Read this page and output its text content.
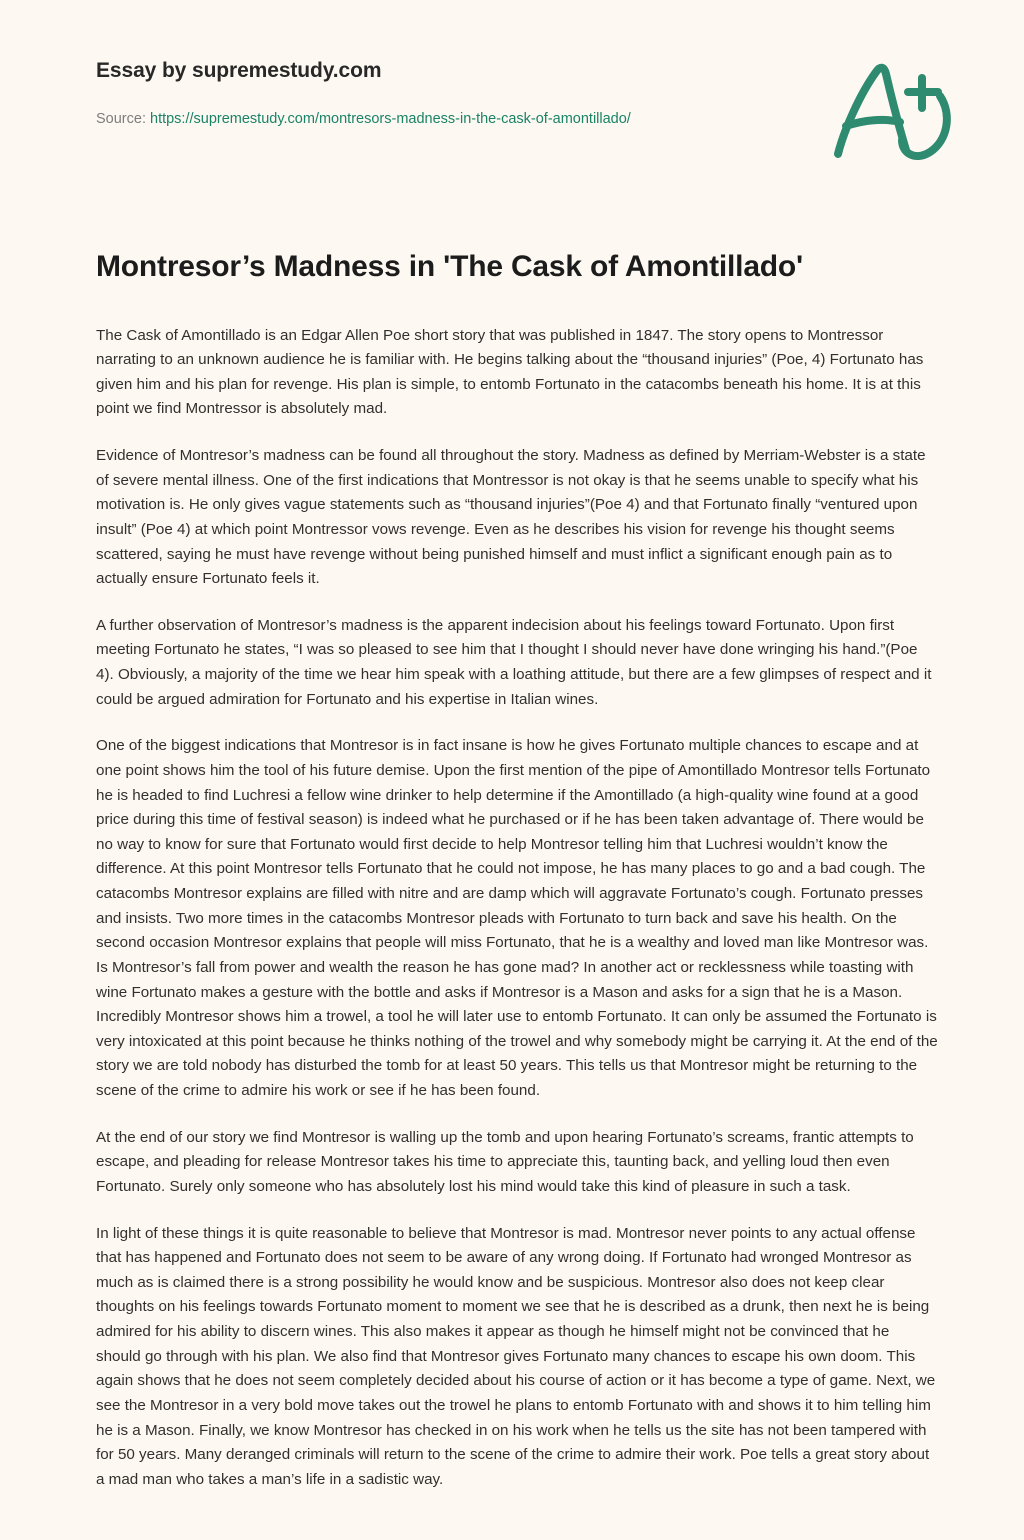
Essay by supremestudy.com
Source: https://supremestudy.com/montresors-madness-in-the-cask-of-amontillado/
Montresor’s Madness in 'The Cask of Amontillado'

The Cask of Amontillado is an Edgar Allen Poe short story that was published in 1847. The story opens to Montressor narrating to an unknown audience he is familiar with. He begins talking about the “thousand injuries” (Poe, 4) Fortunato has given him and his plan for revenge. His plan is simple, to entomb Fortunato in the catacombs beneath his home. It is at this point we find Montressor is absolutely mad.

Evidence of Montresor’s madness can be found all throughout the story. Madness as defined by Merriam-Webster is a state of severe mental illness. One of the first indications that Montressor is not okay is that he seems unable to specify what his motivation is. He only gives vague statements such as “thousand injuries”(Poe 4) and that Fortunato finally “ventured upon insult” (Poe 4) at which point Montressor vows revenge. Even as he describes his vision for revenge his thought seems scattered, saying he must have revenge without being punished himself and must inflict a significant enough pain as to actually ensure Fortunato feels it.

A further observation of Montresor’s madness is the apparent indecision about his feelings toward Fortunato. Upon first meeting Fortunato he states, “I was so pleased to see him that I thought I should never have done wringing his hand.”(Poe 4). Obviously, a majority of the time we hear him speak with a loathing attitude, but there are a few glimpses of respect and it could be argued admiration for Fortunato and his expertise in Italian wines.

One of the biggest indications that Montresor is in fact insane is how he gives Fortunato multiple chances to escape and at one point shows him the tool of his future demise. Upon the first mention of the pipe of Amontillado Montresor tells Fortunato he is headed to find Luchresi a fellow wine drinker to help determine if the Amontillado (a high-quality wine found at a good price during this time of festival season) is indeed what he purchased or if he has been taken advantage of. There would be no way to know for sure that Fortunato would first decide to help Montresor telling him that Luchresi wouldn’t know the difference. At this point Montresor tells Fortunato that he could not impose, he has many places to go and a bad cough. The catacombs Montresor explains are filled with nitre and are damp which will aggravate Fortunato’s cough. Fortunato presses and insists. Two more times in the catacombs Montresor pleads with Fortunato to turn back and save his health. On the second occasion Montresor explains that people will miss Fortunato, that he is a wealthy and loved man like Montresor was. Is Montresor’s fall from power and wealth the reason he has gone mad? In another act or recklessness while toasting with wine Fortunato makes a gesture with the bottle and asks if Montresor is a Mason and asks for a sign that he is a Mason. Incredibly Montresor shows him a trowel, a tool he will later use to entomb Fortunato. It can only be assumed the Fortunato is very intoxicated at this point because he thinks nothing of the trowel and why somebody might be carrying it. At the end of the story we are told nobody has disturbed the tomb for at least 50 years. This tells us that Montresor might be returning to the scene of the crime to admire his work or see if he has been found.

At the end of our story we find Montresor is walling up the tomb and upon hearing Fortunato’s screams, frantic attempts to escape, and pleading for release Montresor takes his time to appreciate this, taunting back, and yelling loud then even Fortunato. Surely only someone who has absolutely lost his mind would take this kind of pleasure in such a task.

In light of these things it is quite reasonable to believe that Montresor is mad. Montresor never points to any actual offense that has happened and Fortunato does not seem to be aware of any wrong doing. If Fortunato had wronged Montresor as much as is claimed there is a strong possibility he would know and be suspicious. Montresor also does not keep clear thoughts on his feelings towards Fortunato moment to moment we see that he is described as a drunk, then next he is being admired for his ability to discern wines. This also makes it appear as though he himself might not be convinced that he should go through with his plan. We also find that Montresor gives Fortunato many chances to escape his own doom. This again shows that he does not seem completely decided about his course of action or it has become a type of game. Next, we see the Montresor in a very bold move takes out the trowel he plans to entomb Fortunato with and shows it to him telling him he is a Mason. Finally, we know Montresor has checked in on his work when he tells us the site has not been tampered with for 50 years. Many deranged criminals will return to the scene of the crime to admire their work. Poe tells a great story about a mad man who takes a man’s life in a sadistic way.
